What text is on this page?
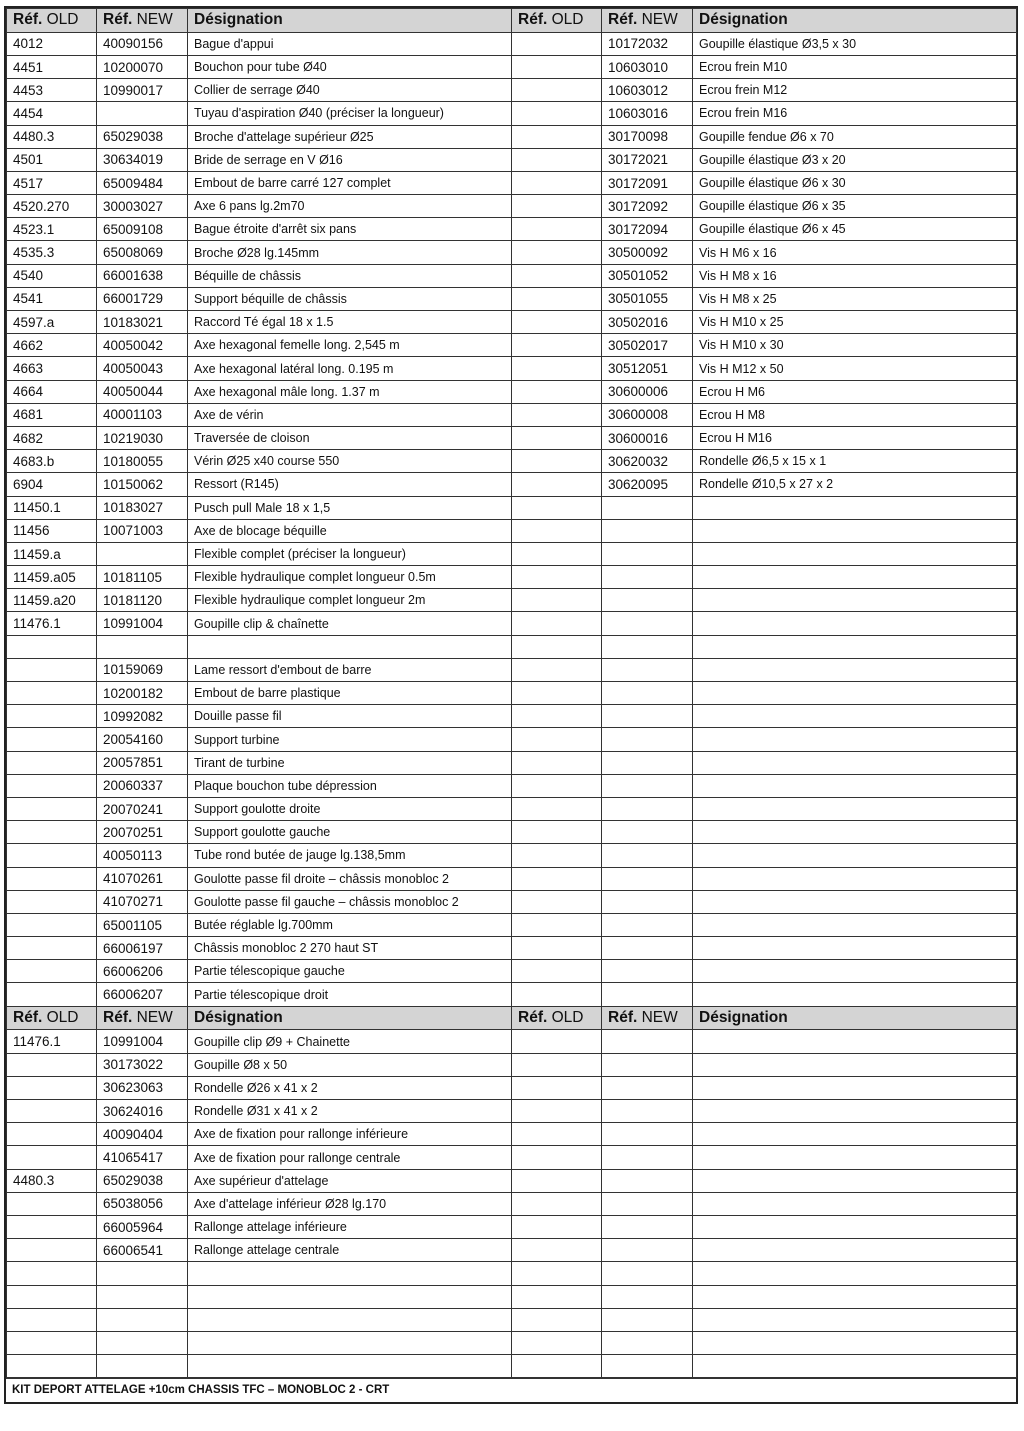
Réf. OLD	Réf. NEW	Désignation	Réf. OLD	Réf. NEW	Désignation
4012	40090156	Bague d'appui		10172032	Goupille élastique Ø3,5 x 30
4451	10200070	Bouchon pour tube Ø40		10603010	Ecrou frein M10
4453	10990017	Collier de serrage Ø40		10603012	Ecrou frein M12
4454		Tuyau d'aspiration Ø40 (préciser la longueur)		10603016	Ecrou frein M16
4480.3	65029038	Broche d'attelage supérieur Ø25		30170098	Goupille fendue Ø6 x 70
4501	30634019	Bride de serrage en V Ø16		30172021	Goupille élastique Ø3 x 20
4517	65009484	Embout de barre carré 127 complet		30172091	Goupille élastique Ø6 x 30
4520.270	30003027	Axe 6 pans lg.2m70		30172092	Goupille élastique Ø6 x 35
4523.1	65009108	Bague étroite d'arrêt six pans		30172094	Goupille élastique Ø6 x 45
4535.3	65008069	Broche Ø28 lg.145mm		30500092	Vis H M6 x 16
4540	66001638	Béquille de châssis		30501052	Vis H M8 x 16
4541	66001729	Support béquille de châssis		30501055	Vis H M8 x 25
4597.a	10183021	Raccord Té égal 18 x 1.5		30502016	Vis H M10 x 25
4662	40050042	Axe hexagonal femelle long. 2,545 m		30502017	Vis H M10 x 30
4663	40050043	Axe hexagonal latéral long. 0.195 m		30512051	Vis H M12 x 50
4664	40050044	Axe hexagonal mâle long. 1.37 m		30600006	Ecrou H M6
4681	40001103	Axe de vérin		30600008	Ecrou H M8
4682	10219030	Traversée de cloison		30600016	Ecrou H M16
4683.b	10180055	Vérin Ø25 x40 course 550		30620032	Rondelle Ø6,5 x 15 x 1
6904	10150062	Ressort (R145)		30620095	Rondelle Ø10,5 x 27 x 2
11450.1	10183027	Pusch pull Male 18 x 1,5			
11456	10071003	Axe de blocage béquille			
11459.a		Flexible complet (préciser la longueur)			
11459.a05	10181105	Flexible hydraulique complet longueur 0.5m			
11459.a20	10181120	Flexible hydraulique complet longueur 2m			
11476.1	10991004	Goupille clip & chaînette			

	10159069	Lame ressort d'embout de barre			
	10200182	Embout de barre plastique			
	10992082	Douille passe fil			
	20054160	Support turbine			
	20057851	Tirant de turbine			
	20060337	Plaque bouchon tube dépression			
	20070241	Support goulotte droite			
	20070251	Support goulotte gauche			
	40050113	Tube rond butée de jauge lg.138,5mm			
	41070261	Goulotte passe fil droite – châssis monobloc 2			
	41070271	Goulotte passe fil gauche – châssis monobloc 2			
	65001105	Butée réglable lg.700mm			
	66006197	Châssis monobloc 2 270 haut ST			
	66006206	Partie télescopique gauche			
	66006207	Partie télescopique droit			
Réf. OLD	Réf. NEW	Désignation	Réf. OLD	Réf. NEW	Désignation
11476.1	10991004	Goupille clip Ø9 + Chainette			
	30173022	Goupille Ø8 x 50			
	30623063	Rondelle Ø26 x 41 x 2			
	30624016	Rondelle Ø31 x 41 x 2			
	40090404	Axe de fixation pour rallonge inférieure			
	41065417	Axe de fixation pour rallonge centrale			
4480.3	65029038	Axe supérieur d'attelage			
	65038056	Axe d'attelage inférieur Ø28 lg.170			
	66005964	Rallonge attelage inférieure			
	66006541	Rallonge attelage centrale			

KIT DEPORT ATTELAGE +10cm CHASSIS TFC – MONOBLOC 2 - CRT
